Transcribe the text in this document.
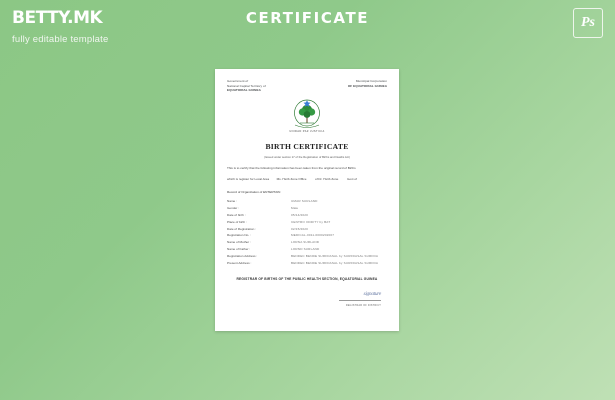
BETTY.MK
fully editable template
CERTIFICATE	Ps
Government of
National Capital Territory of
EQUATORIAL GUINEA
Municipal Corporation
OF EQUATORIAL GUINEA
UNIDAD PAZ JUSTICIA
BIRTH CERTIFICATE
(Issued under section 17 of the Registration of Births and Deaths Act)
This is to certify that the following information has been taken from the original record of Births
which is register for Local Area	Ms. Hsrib Zone Office	of Dr. Hsrib Zone	Govt of
Record of Organization of ENTERTAIN
Name :	UMAR SURLAND
Gender :	Male
Date of birth :	05/14/2020
Place of birth :	CENTRO ODDITY by BAT
Date of Registration :	02/15/2020
Registration No. :	MEDICAL-0011-0000202007
Name of Mother :	LORNA SURLAND
Name of Father :	LORND SURLAND
Registration Address :	BENDEC BENDE SURFDASAL by SURFDASAL SURFDA
Present Address :	BENDEC BENDE SURFDASAL by SURFDASAL SURFDA
REGISTRAR OF BIRTHS OF THE PUBLIC HEALTH SECTION, EQUATORIAL GUINEA
signature
REGISTRAR OF DISTRICT
